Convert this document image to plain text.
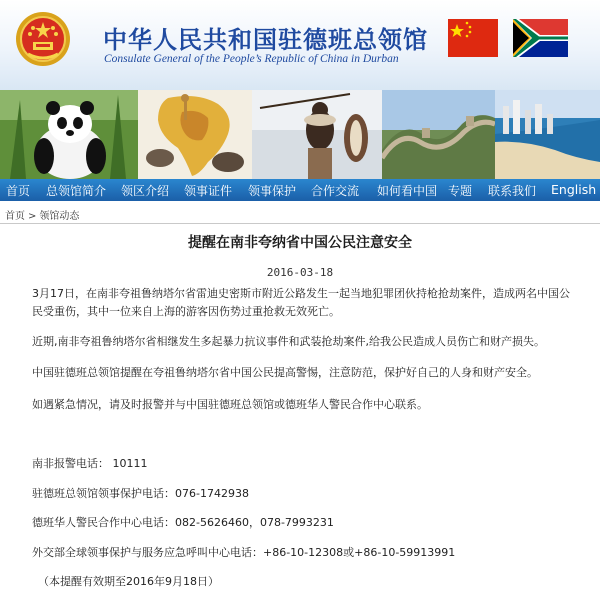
中华人民共和国驻德班总领馆
Consulate General of the People’s Republic of China in Durban
首页 总领馆简介 领区介绍 领事证件 领事保护 合作交流 如何看中国 专题 联系我们 English
首页 > 领馆动态
提醒在南非夸纳省中国公民注意安全
2016-03-18
3月17日，在南非夸祖鲁纳塔尔省雷迪史密斯市附近公路发生一起当地犯罪团伙持枪抢劫案件，造成两名中国公民受重伤，其中一位来自上海的游客因伤势过重抢救无效死亡。
近期,南非夸祖鲁纳塔尔省相继发生多起暴力抗议事件和武装抢劫案件,给我公民造成人员伤亡和财产损失。
中国驻德班总领馆提醒在夸祖鲁纳塔尔省中国公民提高警惕，注意防范，保护好自己的人身和财产安全。
如遇紧急情况，请及时报警并与中国驻德班总领馆或德班华人警民合作中心联系。
南非报警电话： 10111
驻德班总领馆领事保护电话：076-1742938
德班华人警民合作中心电话：082-5626460，078-7993231
外交部全球领事保护与服务应急呼叫中心电话：+86-10-12308或+86-10-59913991
（本提醒有效期至2016年9月18日）
